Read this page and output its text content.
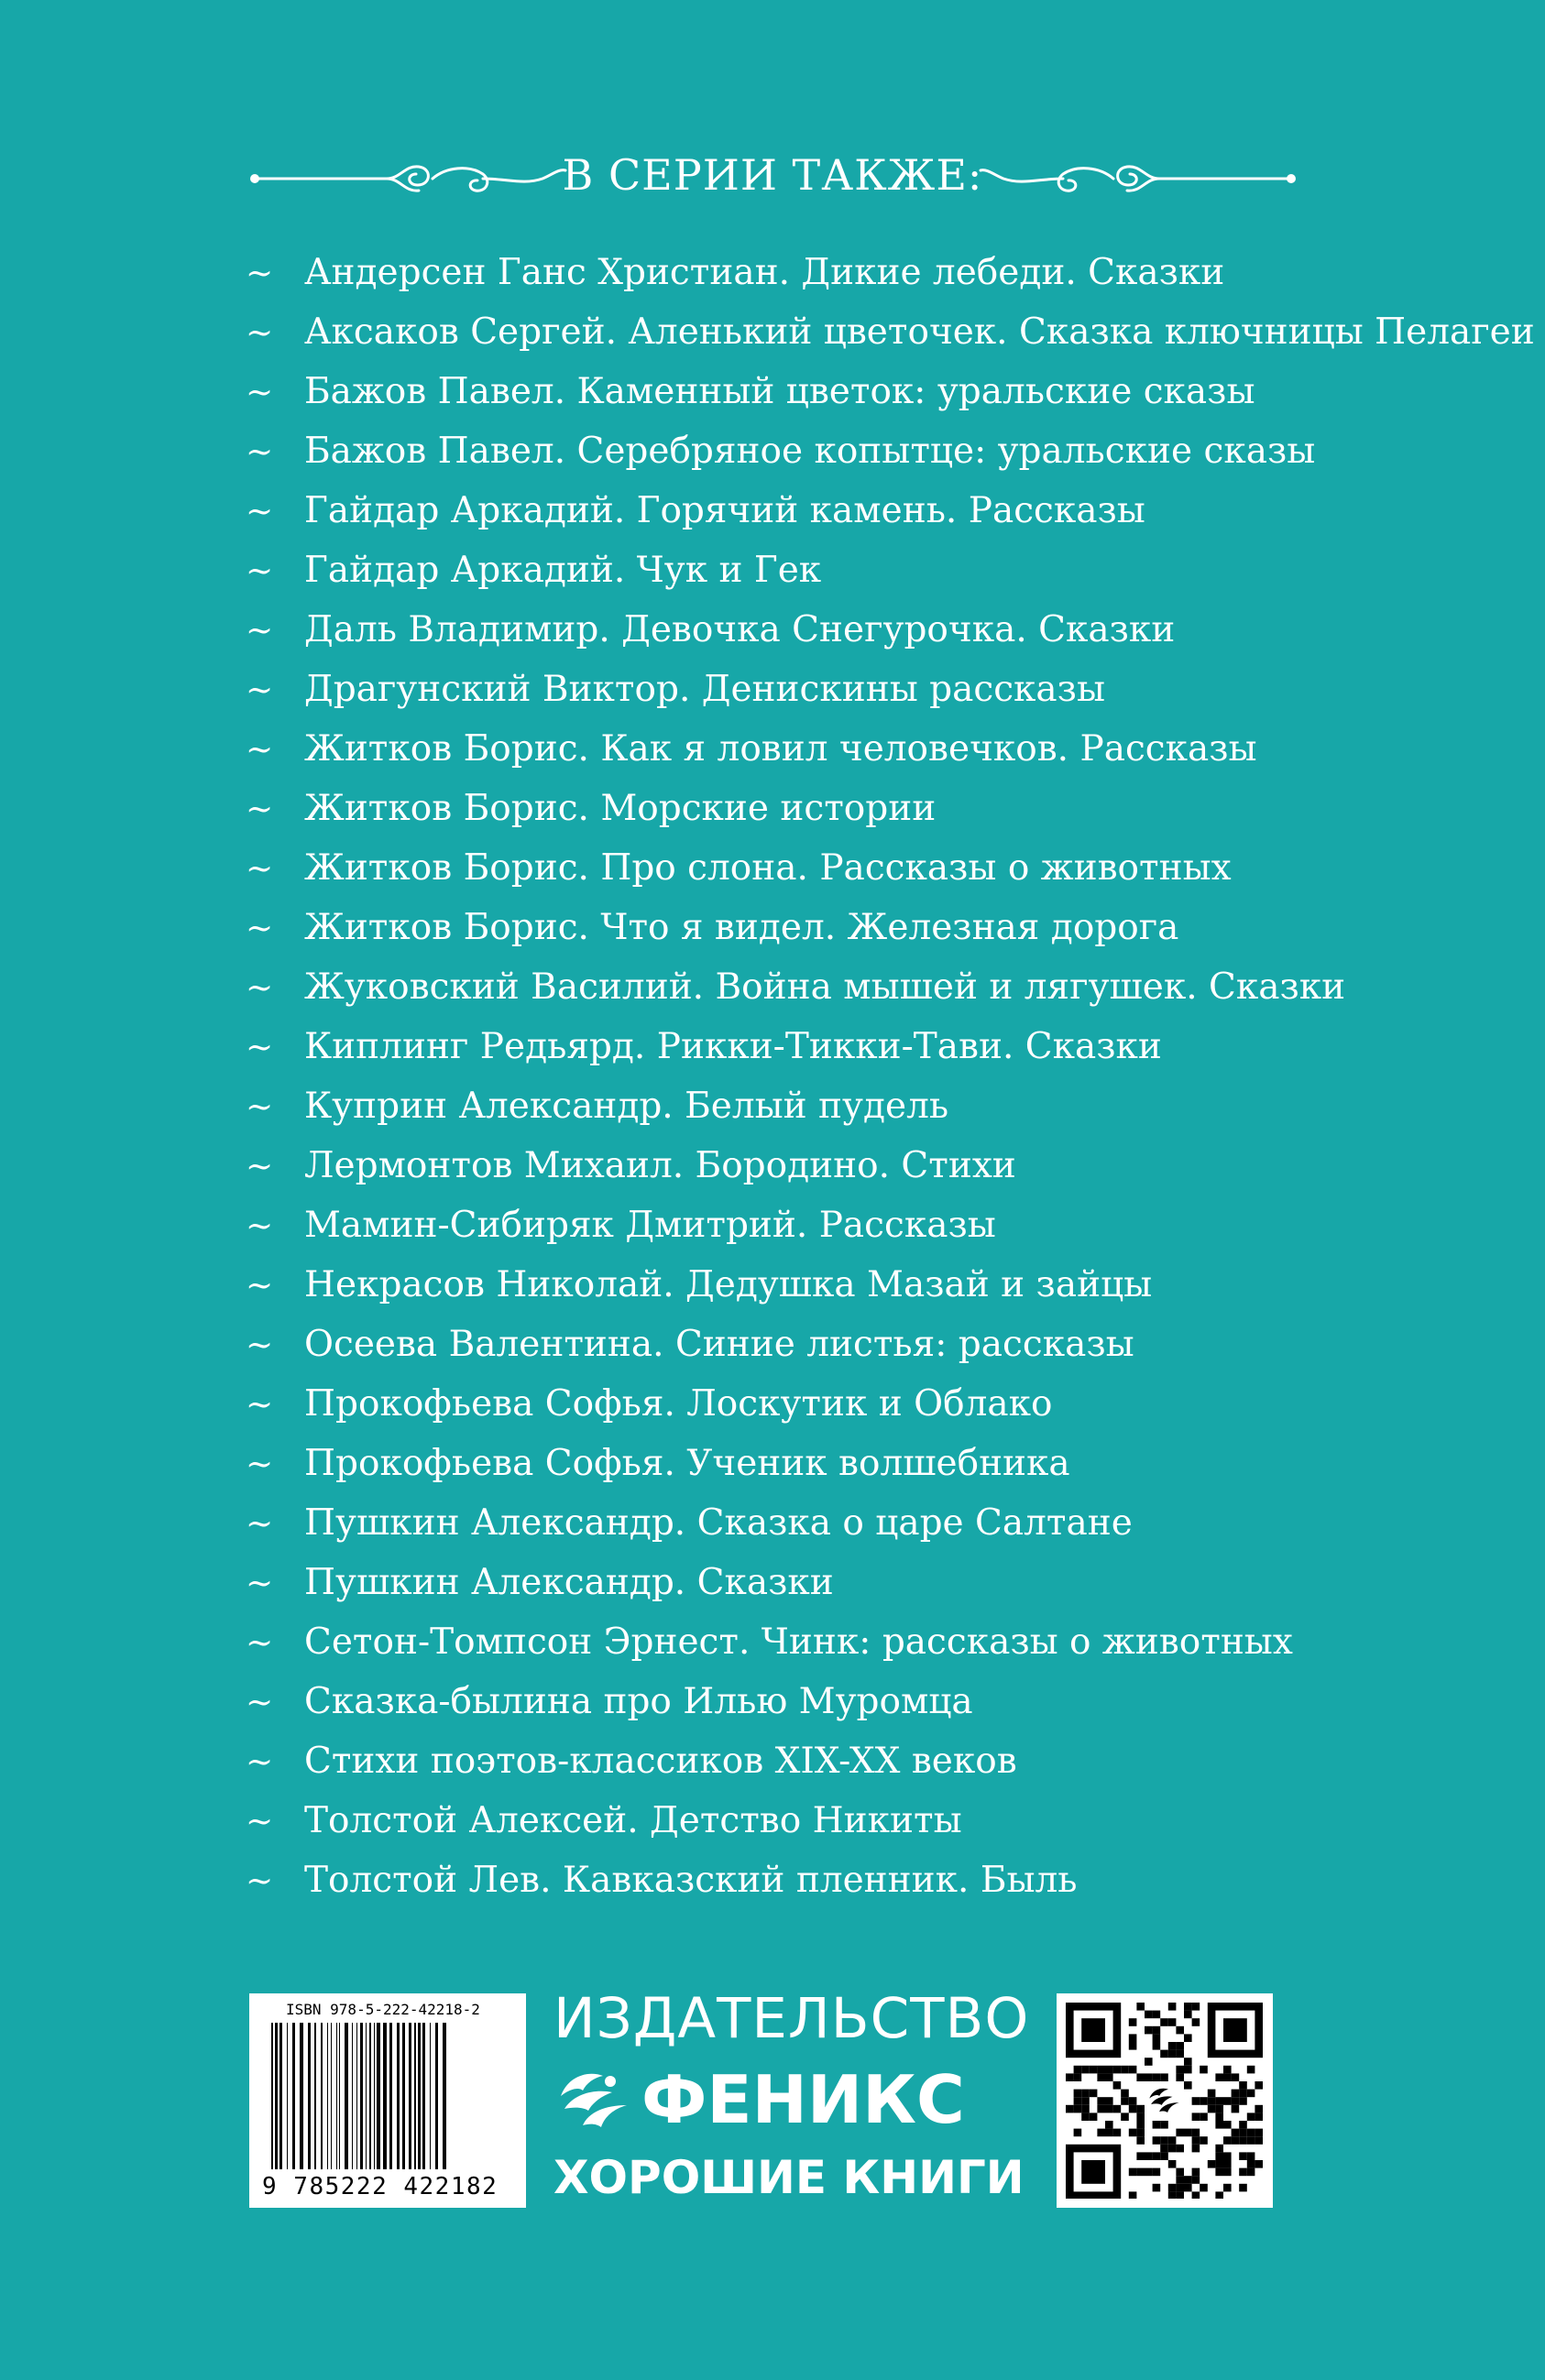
В СЕРИИ ТАКЖЕ:
~ Андерсен Ганс Христиан. Дикие лебеди. Сказки
~ Аксаков Сергей. Аленький цветочек. Сказка ключницы Пелагеи
~ Бажов Павел. Каменный цветок: уральские сказы
~ Бажов Павел. Серебряное копытце: уральские сказы
~ Гайдар Аркадий. Горячий камень. Рассказы
~ Гайдар Аркадий. Чук и Гек
~ Даль Владимир. Девочка Снегурочка. Сказки
~ Драгунский Виктор. Денискины рассказы
~ Житков Борис. Как я ловил человечков. Рассказы
~ Житков Борис. Морские истории
~ Житков Борис. Про слона. Рассказы о животных
~ Житков Борис. Что я видел. Железная дорога
~ Жуковский Василий. Война мышей и лягушек. Сказки
~ Киплинг Редьярд. Рикки-Тикки-Тави. Сказки
~ Куприн Александр. Белый пудель
~ Лермонтов Михаил. Бородино. Стихи
~ Мамин-Сибиряк Дмитрий. Рассказы
~ Некрасов Николай. Дедушка Мазай и зайцы
~ Осеева Валентина. Синие листья: рассказы
~ Прокофьева Софья. Лоскутик и Облако
~ Прокофьева Софья. Ученик волшебника
~ Пушкин Александр. Сказка о царе Салтане
~ Пушкин Александр. Сказки
~ Сетон-Томпсон Эрнест. Чинк: рассказы о животных
~ Сказка-былина про Илью Муромца
~ Стихи поэтов-классиков XIX-XX веков
~ Толстой Алексей. Детство Никиты
~ Толстой Лев. Кавказский пленник. Быль
ISBN 978-5-222-42218-2
9 785222 422182
ИЗДАТЕЛЬСТВО
ФЕНИКС
ХОРОШИЕ КНИГИ
